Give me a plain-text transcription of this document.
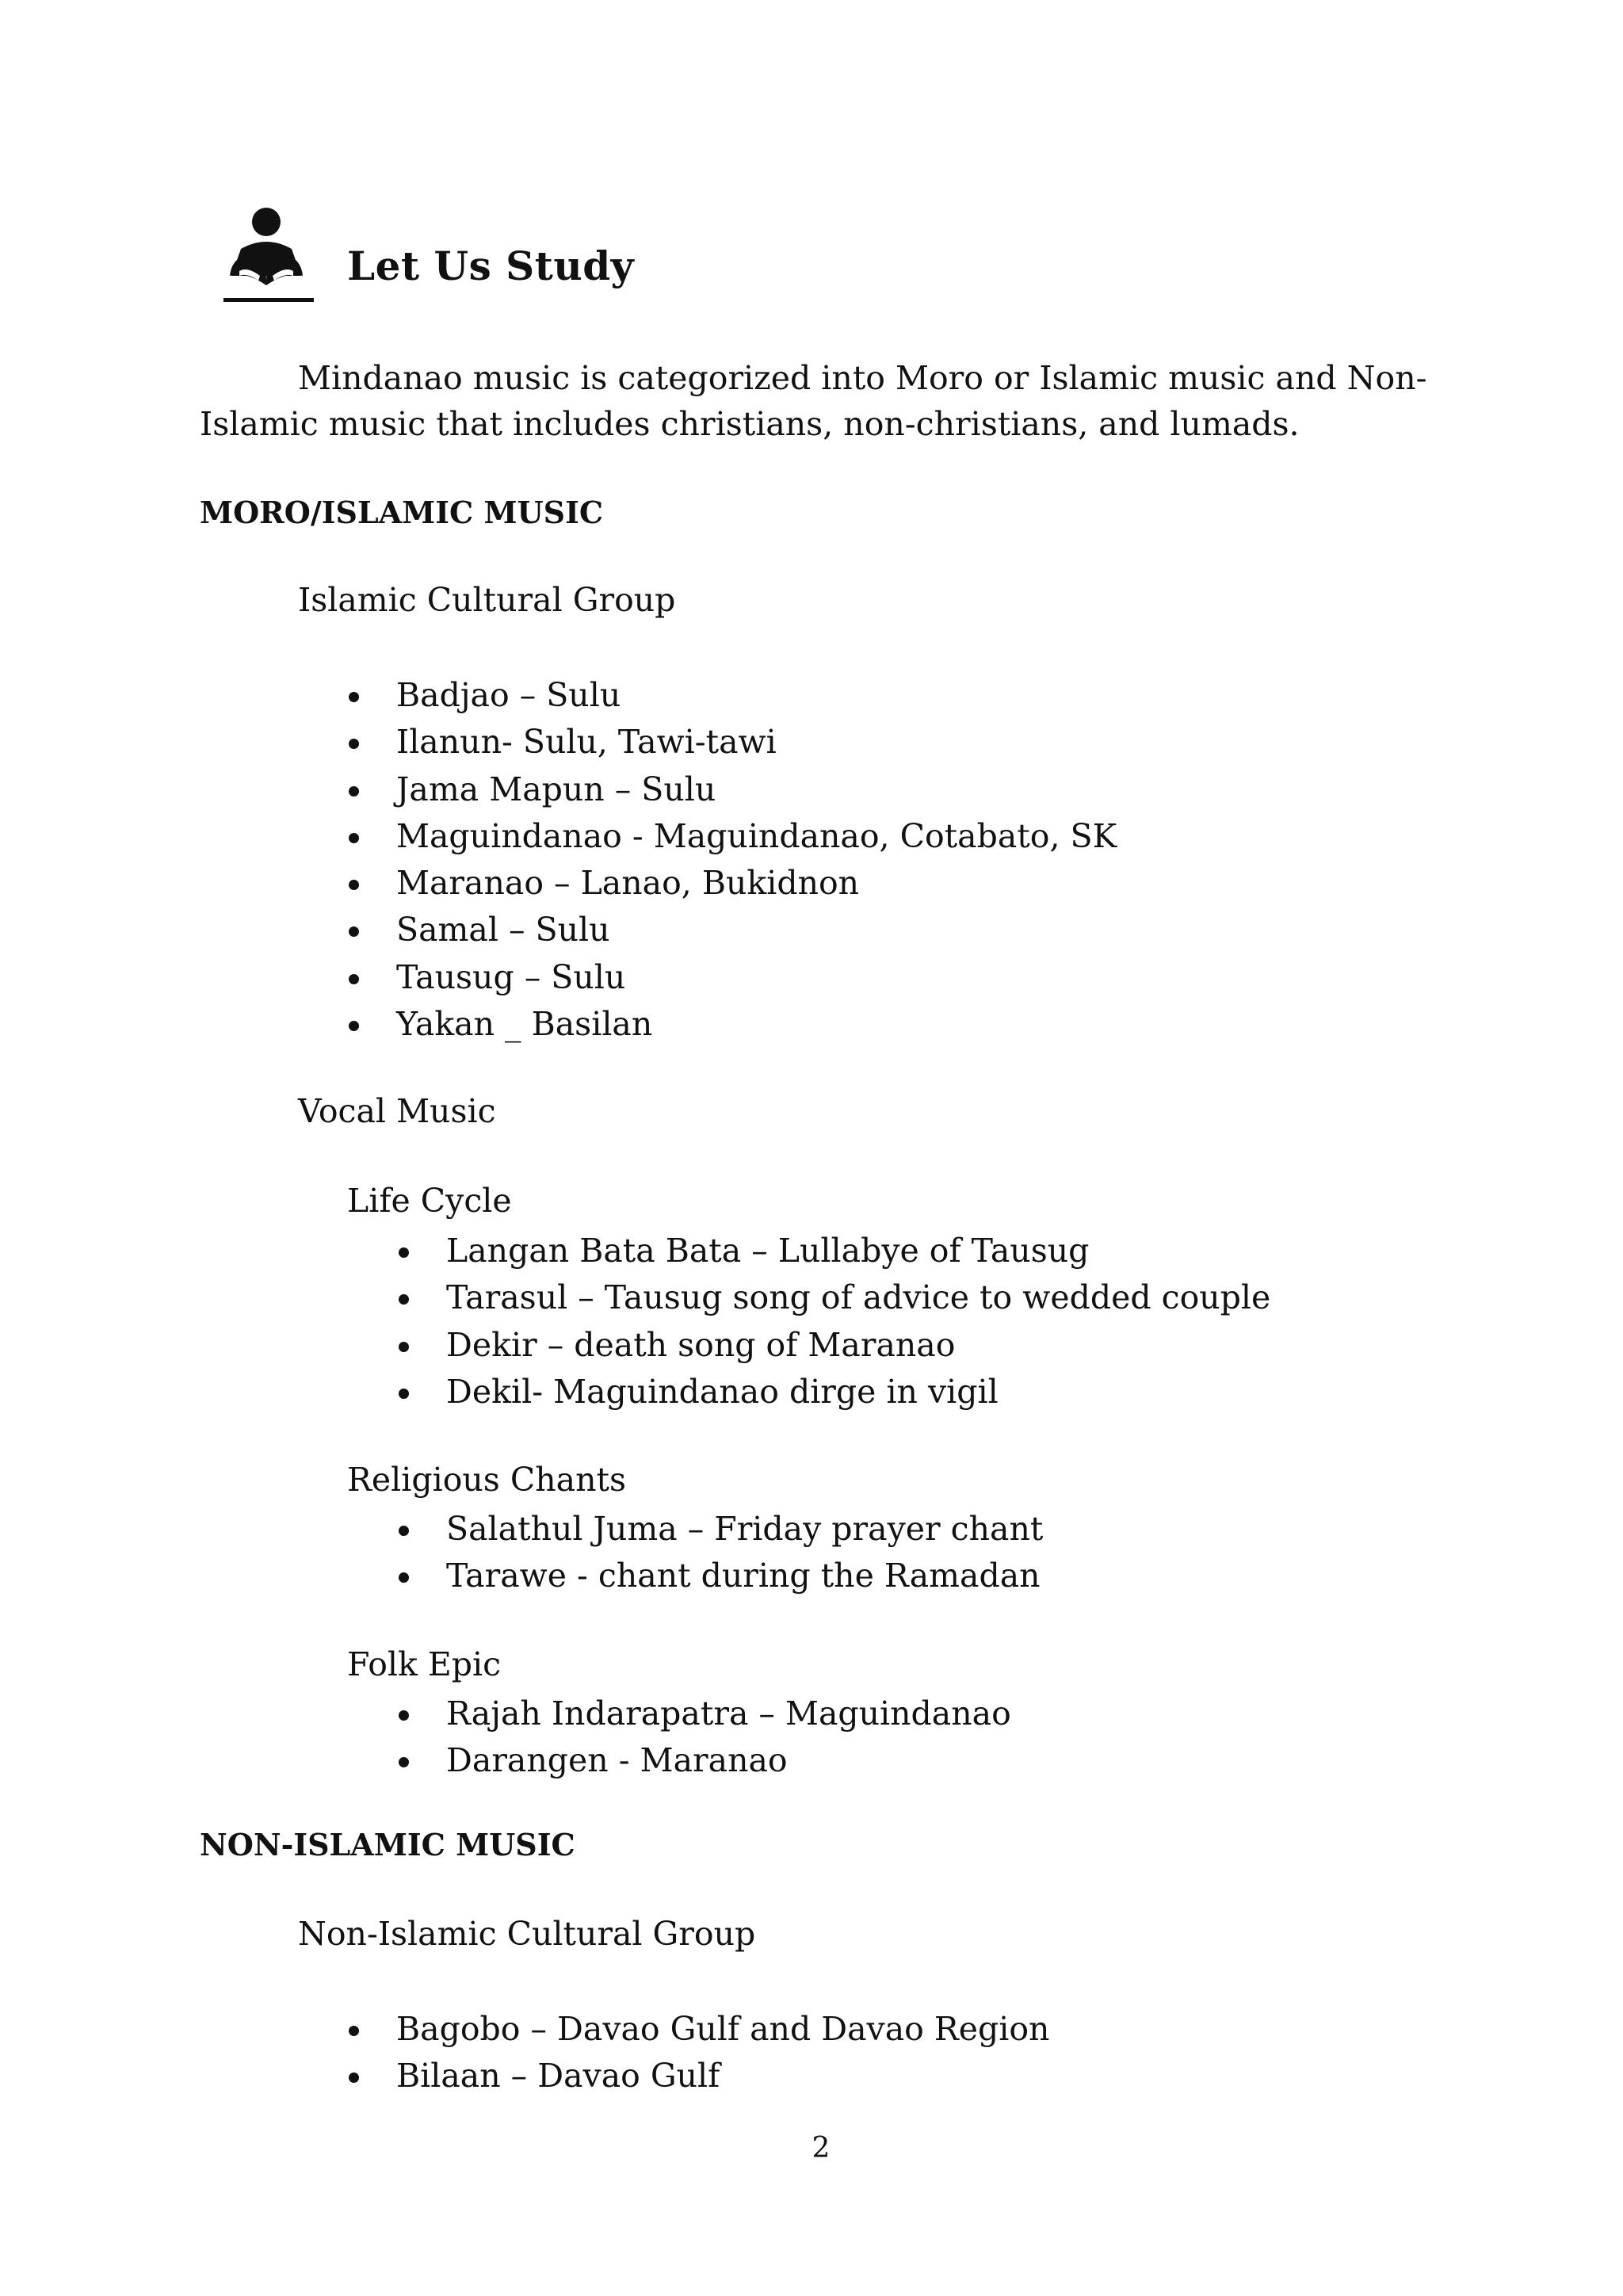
Let Us Study

Mindanao music is categorized into Moro or Islamic music and Non-Islamic music that includes christians, non-christians, and lumads.

MORO/ISLAMIC MUSIC
Islamic Cultural Group
Badjao – Sulu
Ilanun- Sulu, Tawi-tawi
Jama Mapun – Sulu
Maguindanao - Maguindanao, Cotabato, SK
Maranao – Lanao, Bukidnon
Samal – Sulu
Tausug – Sulu
Yakan _ Basilan
Vocal Music
Life Cycle
Langan Bata Bata – Lullabye of Tausug
Tarasul – Tausug song of advice to wedded couple
Dekir – death song of Maranao
Dekil- Maguindanao dirge in vigil
Religious Chants
Salathul Juma – Friday prayer chant
Tarawe - chant during the Ramadan
Folk Epic
Rajah Indarapatra – Maguindanao
Darangen - Maranao
NON-ISLAMIC MUSIC
Non-Islamic Cultural Group
Bagobo – Davao Gulf and Davao Region
Bilaan – Davao Gulf
2
